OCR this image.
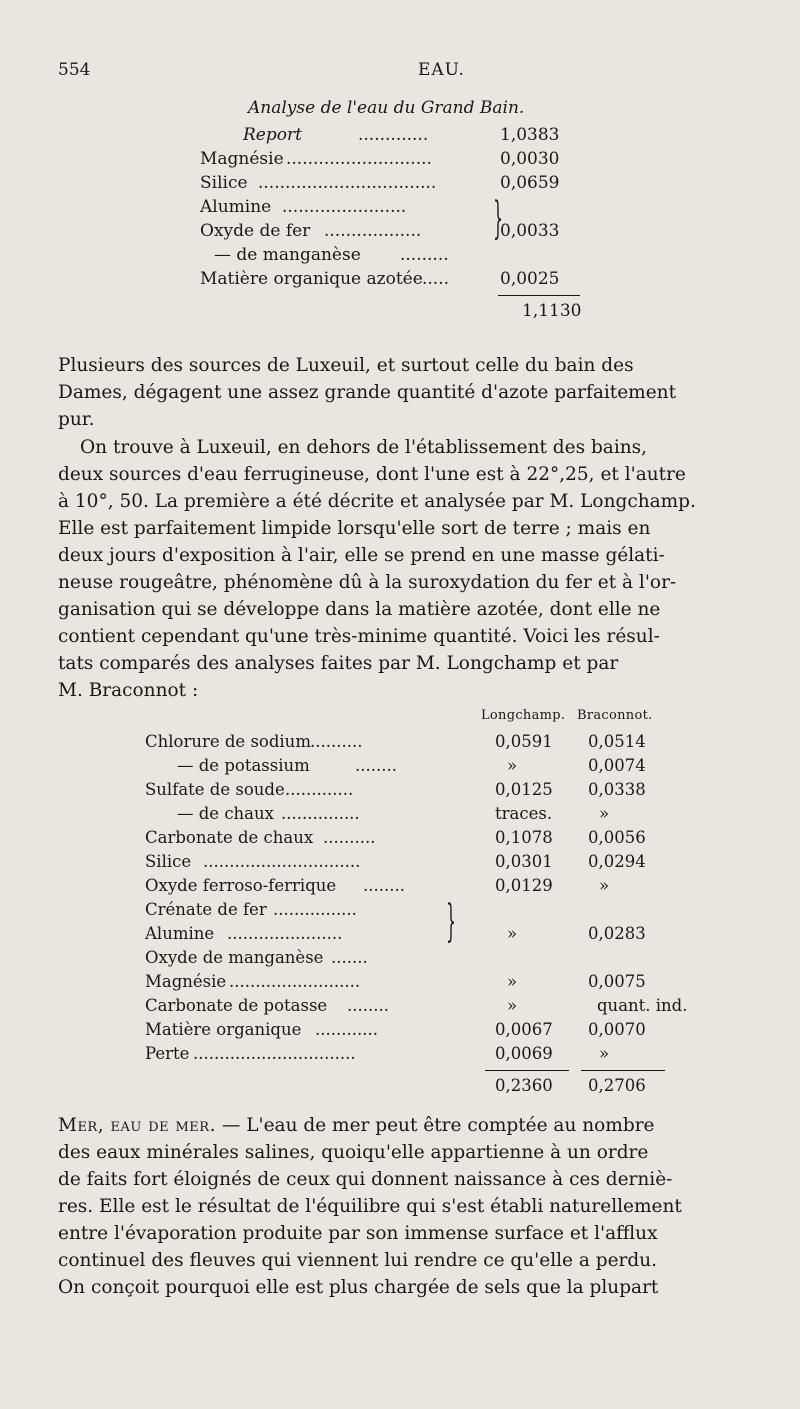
554	EAU.
Analyse de l'eau du Grand Bain.
Report	.............	1,0383
Magnésie ...........................	0,0030
Silice .................................	0,0659
Alumine .......................
Oxyde de fer ..................	0,0033
— de manganèse .........
}
Matière organique azotée .....	0,0025
1,1130
Plusieurs des sources de Luxeuil, et surtout celle du bain des
Dames, dégagent une assez grande quantité d'azote parfaitement
pur.
On trouve à Luxeuil, en dehors de l'établissement des bains,
deux sources d'eau ferrugineuse, dont l'une est à 22°,25, et l'autre
à 10°, 50. La première a été décrite et analysée par M. Longchamp.
Elle est parfaitement limpide lorsqu'elle sort de terre ; mais en
deux jours d'exposition à l'air, elle se prend en une masse gélati-
neuse rougeâtre, phénomène dû à la suroxydation du fer et à l'or-
ganisation qui se développe dans la matière azotée, dont elle ne
contient cependant qu'une très-minime quantité. Voici les résul-
tats comparés des analyses faites par M. Longchamp et par
M. Braconnot :
Longchamp. Braconnot.
Chlorure de sodium ..........	0,0591	0,0514
— de potassium	........	»	0,0074
Sulfate de soude .............	0,0125	0,0338
— de chaux ...............	traces.	»
Carbonate de chaux ..........	0,1078	0,0056
Silice ..............................	0,0301	0,0294
Oxyde ferroso-ferrique ........	0,0129	»
Crénate de fer ................
Alumine ......................	»	0,0283
Oxyde de manganèse .......
}
Magnésie .........................	»	0,0075
Carbonate de potasse ........	»	quant. ind.
Matière organique ............	0,0067	0,0070
Perte ...............................	0,0069	»
0,2360	0,2706
Mer, eau de mer. — L'eau de mer peut être comptée au nombre
des eaux minérales salines, quoiqu'elle appartienne à un ordre
de faits fort éloignés de ceux qui donnent naissance à ces derniè-
res. Elle est le résultat de l'équilibre qui s'est établi naturellement
entre l'évaporation produite par son immense surface et l'afflux
continuel des fleuves qui viennent lui rendre ce qu'elle a perdu.
On conçoit pourquoi elle est plus chargée de sels que la plupart
